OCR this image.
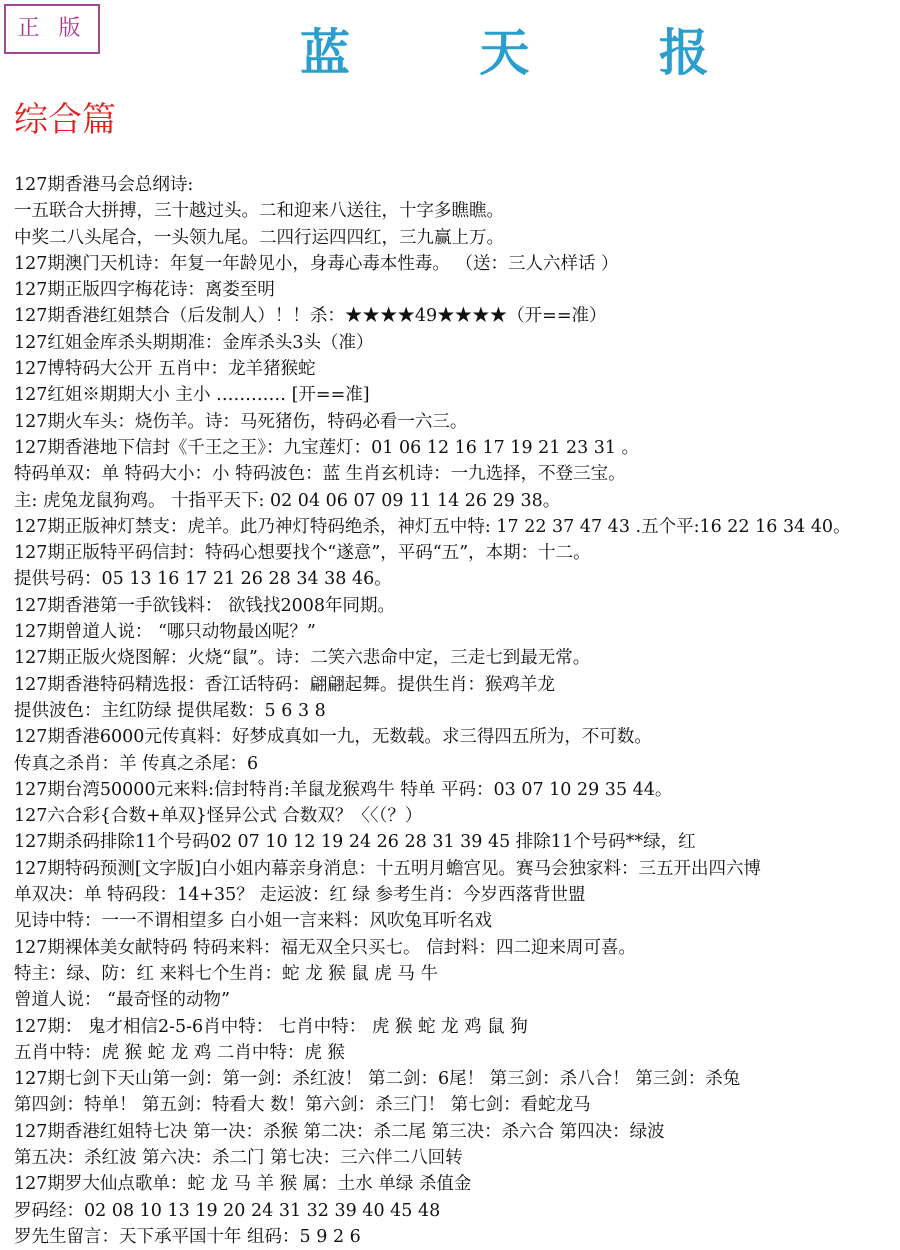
正 版	蓝 天 报
综合篇
127期香港马会总纲诗:
一五联合大拼搏，三十越过头。二和迎来八送往，十字多瞧瞧。
中奖二八头尾合，一头领九尾。二四行运四四红，三九赢上万。
127期澳门天机诗：年复一年龄见小，身毒心毒本性毒。 （送：三人六样话 ）
127期正版四字梅花诗：离娄至明
127期香港红姐禁合（后发制人）！！杀：★★★★49★★★★（开==准）
127红姐金库杀头期期准：金库杀头3头（准）
127博特码大公开 五肖中：龙羊猪猴蛇
127红姐※期期大小 主小 ………… [开==准]
127期火车头：烧伤羊。诗：马死猪伤，特码必看一六三。
127期香港地下信封《千王之王》：九宝莲灯：01 06 12 16 17 19 21 23 31 。
特码单双：单 特码大小：小 特码波色：蓝 生肖玄机诗：一九选择，不登三宝。
主: 虎兔龙鼠狗鸡。 十指平天下: 02 04 06 07 09 11 14 26 29 38。
127期正版神灯禁支：虎羊。此乃神灯特码绝杀，神灯五中特: 17 22 37 47 43 .五个平:16 22 16 34 40。
127期正版特平码信封：特码心想要找个“遂意”，平码“五”，本期：十二。
提供号码：05 13 16 17 21 26 28 34 38 46。
127期香港第一手欲钱料： 欲钱找2008年同期。
127期曾道人说： “哪只动物最凶呢？”
127期正版火烧图解：火烧“鼠”。诗：二笑六悲命中定，三走七到最无常。
127期香港特码精选报：香江话特码：翩翩起舞。提供生肖：猴鸡羊龙
提供波色：主红防绿 提供尾数：5 6 3 8
127期香港6000元传真料：好梦成真如一九，无数载。求三得四五所为，不可数。
传真之杀肖：羊 传真之杀尾：6
127期台湾50000元来料:信封特肖:羊鼠龙猴鸡牛 特单 平码：03 07 10 29 35 44。
127六合彩{合数+单双}怪异公式 合数双？〈〈（？）
127期杀码排除11个号码02 07 10 12 19 24 26 28 31 39 45 排除11个号码**绿，红
127期特码预测[文字版]白小姐内幕亲身消息：十五明月蟾宫见。赛马会独家料：三五开出四六博
单双决：单 特码段：14+35？ 走运波：红 绿 参考生肖：今岁西落背世盟
见诗中特：一一不谓相望多 白小姐一言来料：风吹兔耳听名戏
127期裸体美女献特码 特码来料：福无双全只买七。 信封料：四二迎来周可喜。
特主：绿、防：红 来料七个生肖：蛇 龙 猴 鼠 虎 马 牛
曾道人说： “最奇怪的动物”
127期： 鬼才相信2-5-6肖中特： 七肖中特： 虎 猴 蛇 龙 鸡 鼠 狗
五肖中特：虎 猴 蛇 龙 鸡 二肖中特：虎 猴
127期七剑下天山第一剑：第一剑：杀红波！ 第二剑：6尾！ 第三剑：杀八合！ 第三剑：杀兔
第四剑：特单！ 第五剑：特看大 数！第六剑：杀三门！ 第七剑：看蛇龙马
127期香港红姐特七决 第一决：杀猴 第二决：杀二尾 第三决：杀六合 第四决：绿波
第五决：杀红波 第六决：杀二门 第七决：三六伴二八回转
127期罗大仙点歌单：蛇 龙 马 羊 猴 属：土水 单绿 杀值金
罗码经：02 08 10 13 19 20 24 31 32 39 40 45 48
罗先生留言：天下承平国十年 组码：5 9 2 6
